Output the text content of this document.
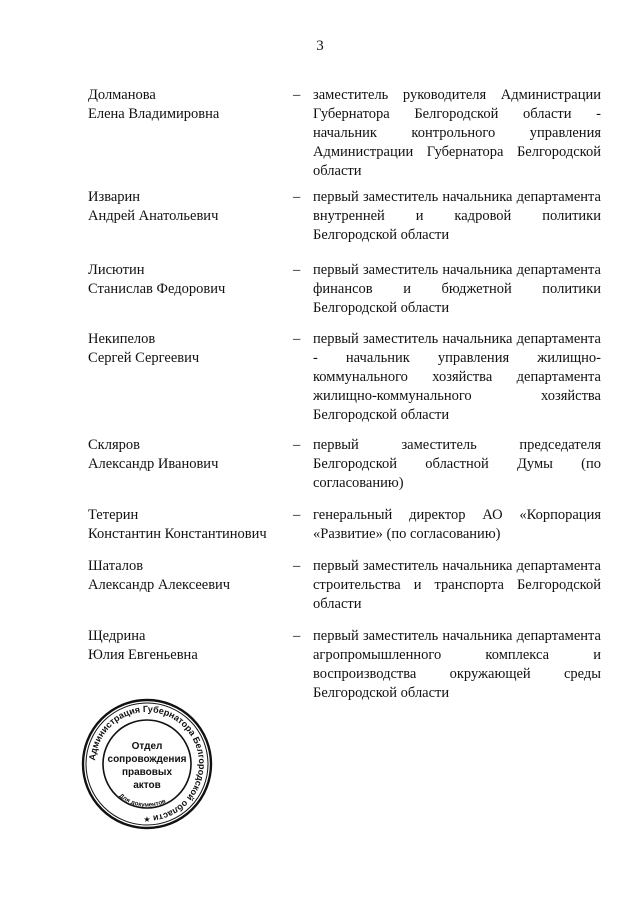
3
Долманова
Елена Владимировна
– заместитель руководителя Администрации Губернатора Белгородской области - начальник контрольного управления Администрации Губернатора Белгородской области
Изварин
Андрей Анатольевич
– первый заместитель начальника департамента внутренней и кадровой политики Белгородской области
Лисютин
Станислав Федорович
– первый заместитель начальника департамента финансов и бюджетной политики Белгородской области
Некипелов
Сергей Сергеевич
– первый заместитель начальника департамента - начальник управления жилищно-коммунального хозяйства департамента жилищно-коммунального хозяйства Белгородской области
Скляров
Александр Иванович
– первый заместитель председателя Белгородской областной Думы (по согласованию)
Тетерин
Константин Константинович
– генеральный директор АО «Корпорация «Развитие» (по согласованию)
Шаталов
Александр Алексеевич
– первый заместитель начальника департамента строительства и транспорта Белгородской области
Щедрина
Юлия Евгеньевна
– первый заместитель начальника департамента агропромышленного комплекса и воспроизводства окружающей среды Белгородской области
Администрация Губернатора Белгородской области
Для документов
Отдел
сопровождения
правовых
актов
★
